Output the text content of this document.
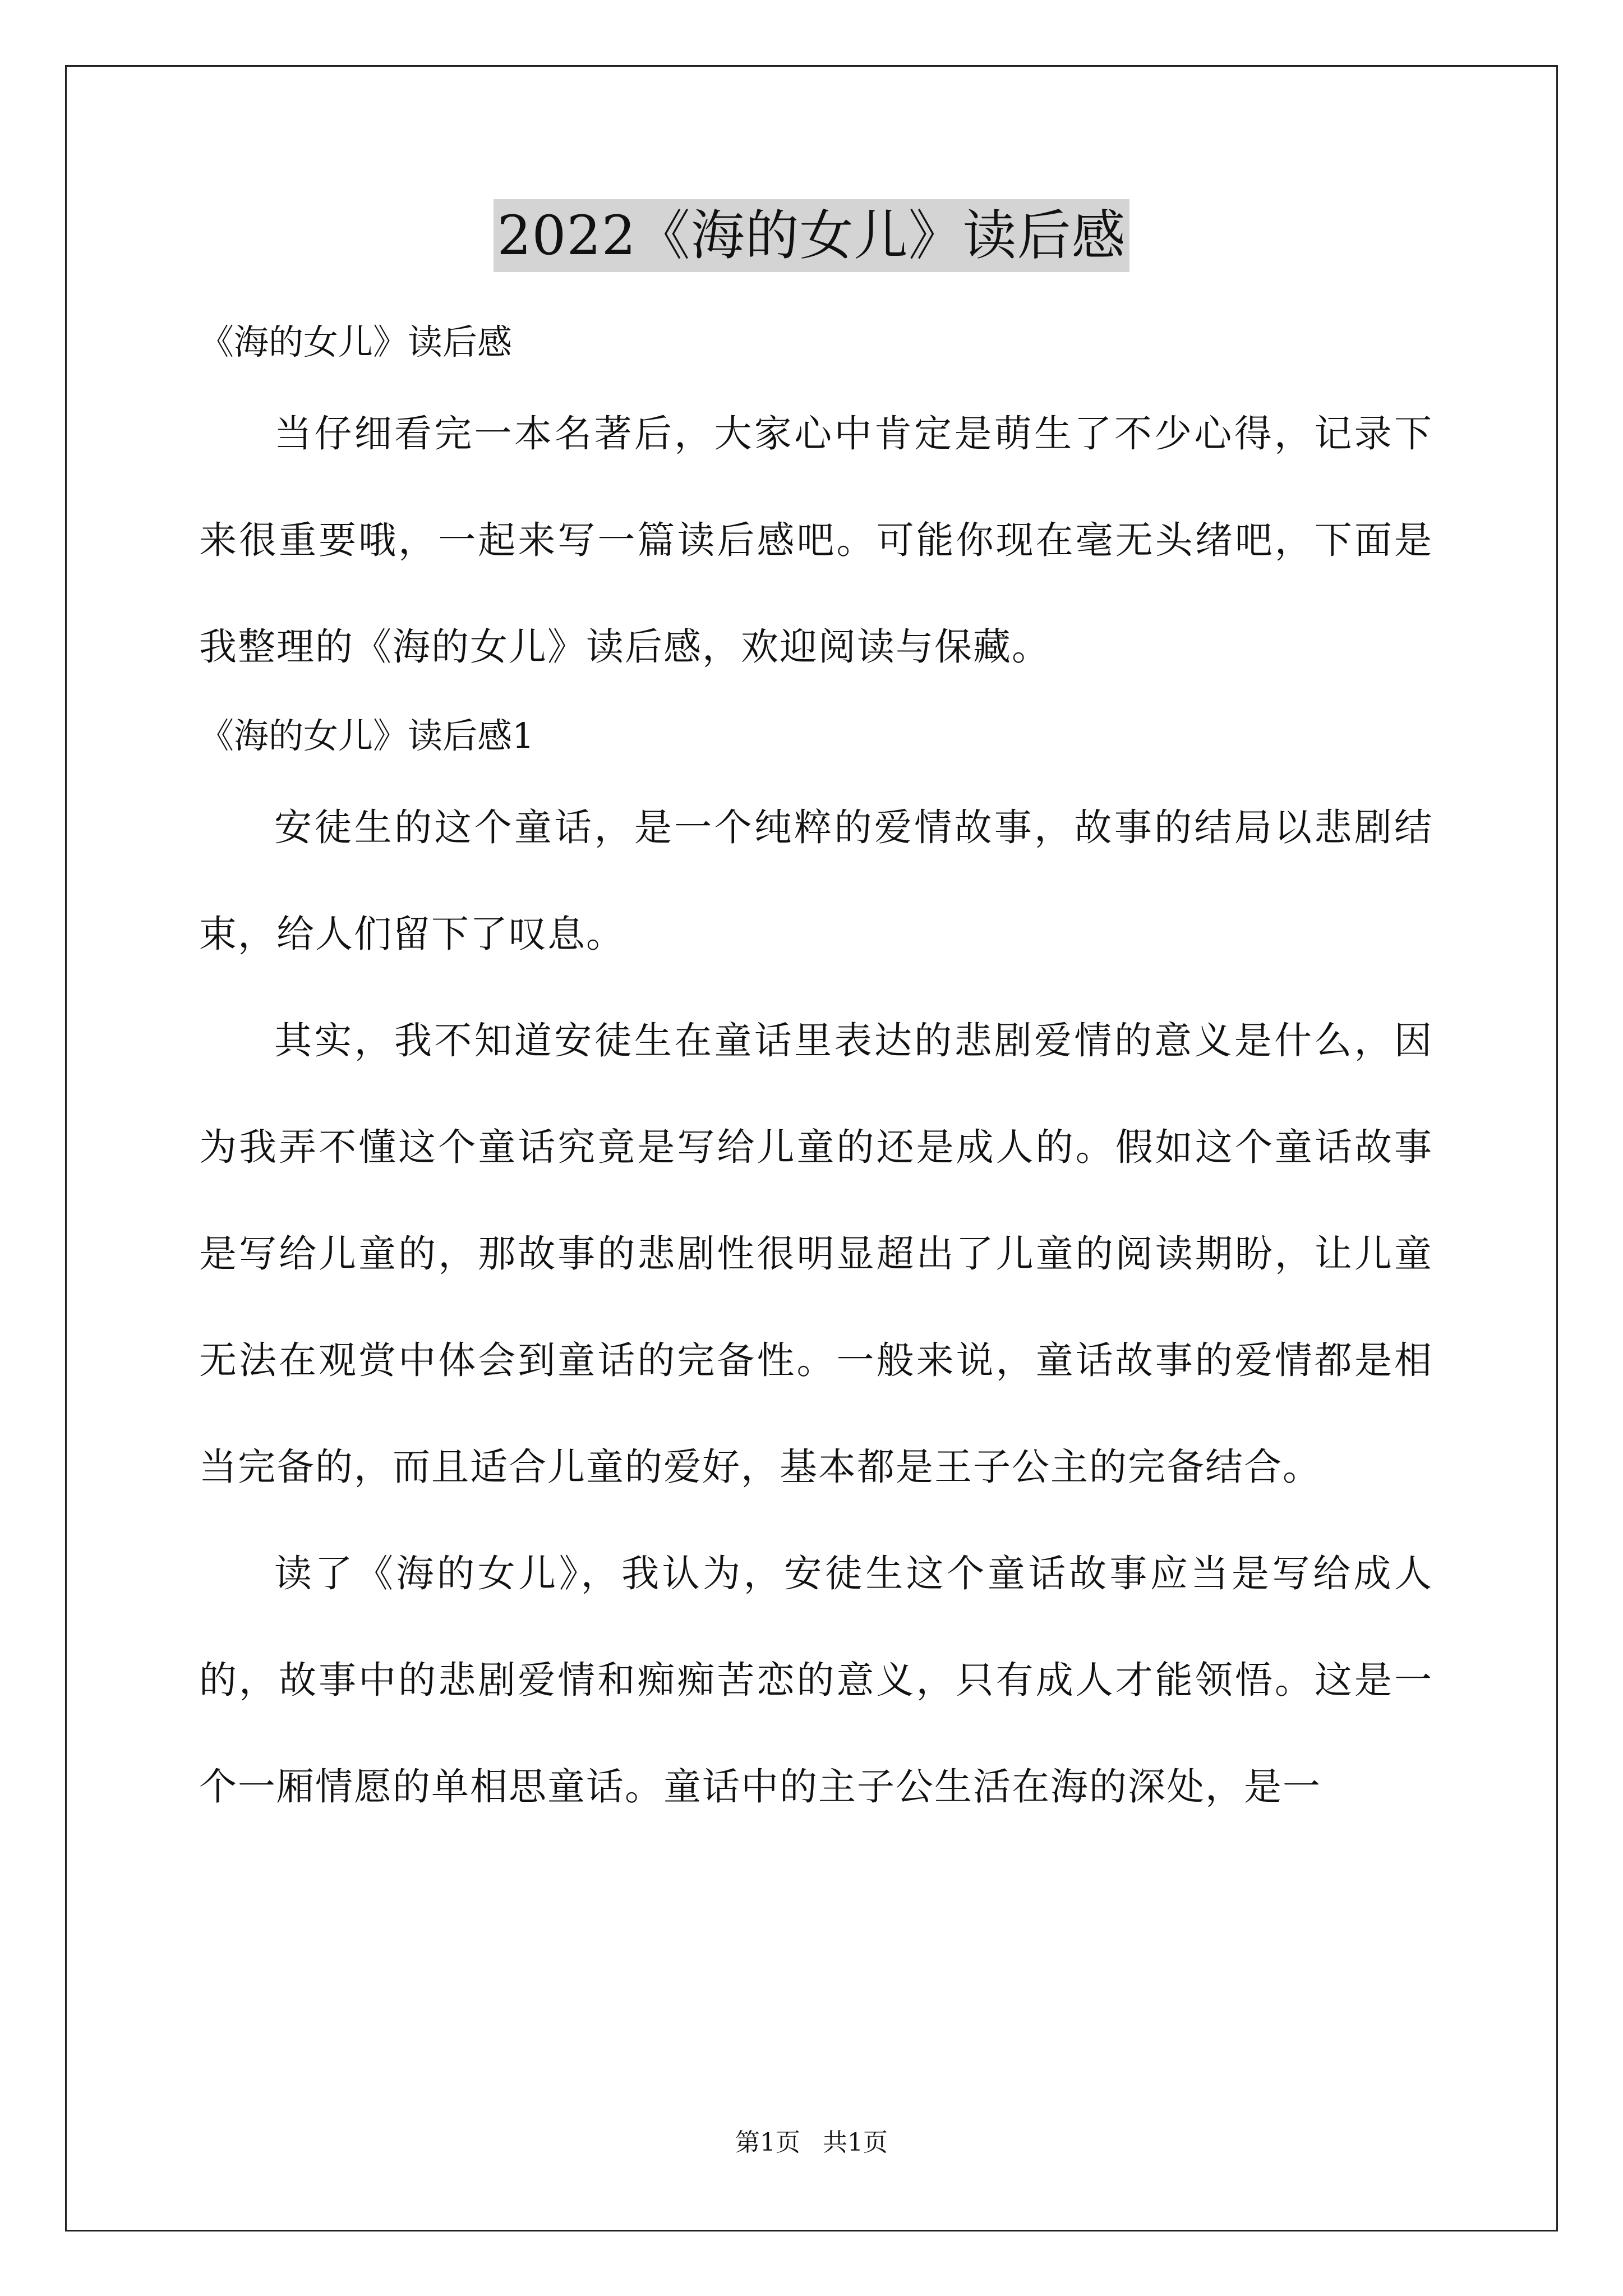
2022《海的女儿》读后感

《海的女儿》读后感

当仔细看完一本名著后，大家心中肯定是萌生了不少心得，记录下来很重要哦，一起来写一篇读后感吧。可能你现在毫无头绪吧，下面是我整理的《海的女儿》读后感，欢迎阅读与保藏。

《海的女儿》读后感1

安徒生的这个童话，是一个纯粹的爱情故事，故事的结局以悲剧结束，给人们留下了叹息。

其实，我不知道安徒生在童话里表达的悲剧爱情的意义是什么，因为我弄不懂这个童话究竟是写给儿童的还是成人的。假如这个童话故事是写给儿童的，那故事的悲剧性很明显超出了儿童的阅读期盼，让儿童无法在观赏中体会到童话的完备性。一般来说，童话故事的爱情都是相当完备的，而且适合儿童的爱好，基本都是王子公主的完备结合。

读了《海的女儿》，我认为，安徒生这个童话故事应当是写给成人的，故事中的悲剧爱情和痴痴苦恋的意义，只有成人才能领悟。这是一个一厢情愿的单相思童话。童话中的主子公生活在海的深处，是一

第1页 共1页
